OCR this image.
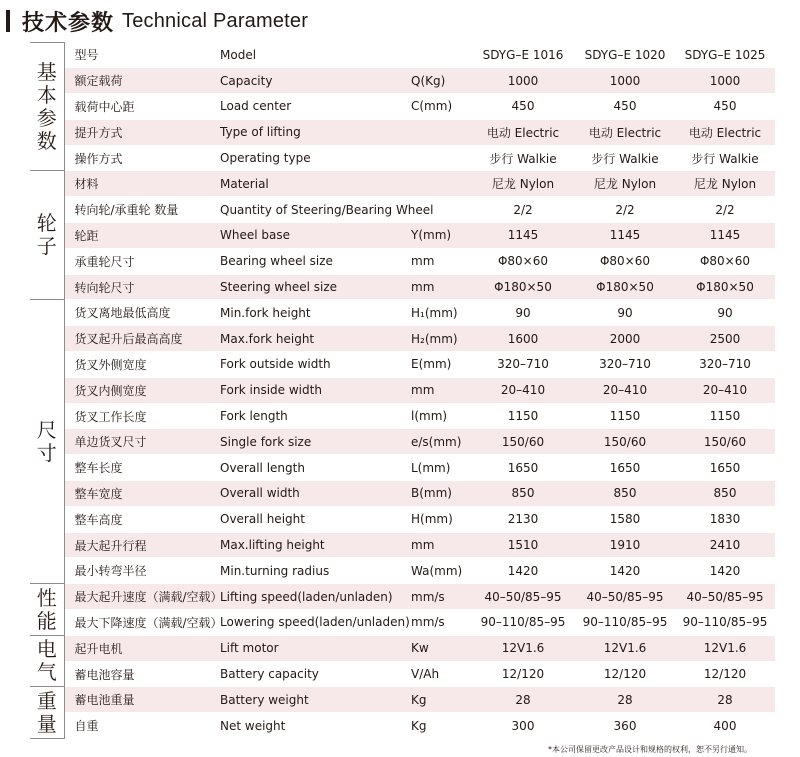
技术参数 Technical Parameter
基本参数	型号	Model		SDYG–E 1016	SDYG–E 1020	SDYG–E 1025
	额定载荷	Capacity	Q(Kg)	1000	1000	1000
	载荷中心距	Load center	C(mm)	450	450	450
	提升方式	Type of lifting		电动 Electric	电动 Electric	电动 Electric
	操作方式	Operating type		步行 Walkie	步行 Walkie	步行 Walkie
轮子	材料	Material		尼龙 Nylon	尼龙 Nylon	尼龙 Nylon
	转向轮/承重轮 数量	Quantity of Steering/Bearing Wheel		2/2	2/2	2/2
	轮距	Wheel base	Y(mm)	1145	1145	1145
	承重轮尺寸	Bearing wheel size	mm	Φ80×60	Φ80×60	Φ80×60
	转向轮尺寸	Steering wheel size	mm	Φ180×50	Φ180×50	Φ180×50
尺寸	货叉离地最低高度	Min.fork height	H₁(mm)	90	90	90
	货叉起升后最高高度	Max.fork height	H₂(mm)	1600	2000	2500
	货叉外侧宽度	Fork outside width	E(mm)	320–710	320–710	320–710
	货叉内侧宽度	Fork inside width	mm	20–410	20–410	20–410
	货叉工作长度	Fork length	l(mm)	1150	1150	1150
	单边货叉尺寸	Single fork size	e/s(mm)	150/60	150/60	150/60
	整车长度	Overall length	L(mm)	1650	1650	1650
	整车宽度	Overall width	B(mm)	850	850	850
	整车高度	Overall height	H(mm)	2130	1580	1830
	最大起升行程	Max.lifting height	mm	1510	1910	2410
	最小转弯半径	Min.turning radius	Wa(mm)	1420	1420	1420
性能	最大起升速度（满载/空载）	Lifting speed(laden/unladen)	mm/s	40–50/85–95	40–50/85–95	40–50/85–95
	最大下降速度（满载/空载）	Lowering speed(laden/unladen)	mm/s	90–110/85–95	90–110/85–95	90–110/85–95
电气	起升电机	Lift motor	Kw	12V1.6	12V1.6	12V1.6
	蓄电池容量	Battery capacity	V/Ah	12/120	12/120	12/120
重量	蓄电池重量	Battery weight	Kg	28	28	28
	自重	Net weight	Kg	300	360	400
*本公司保留更改产品设计和规格的权利，恕不另行通知。
